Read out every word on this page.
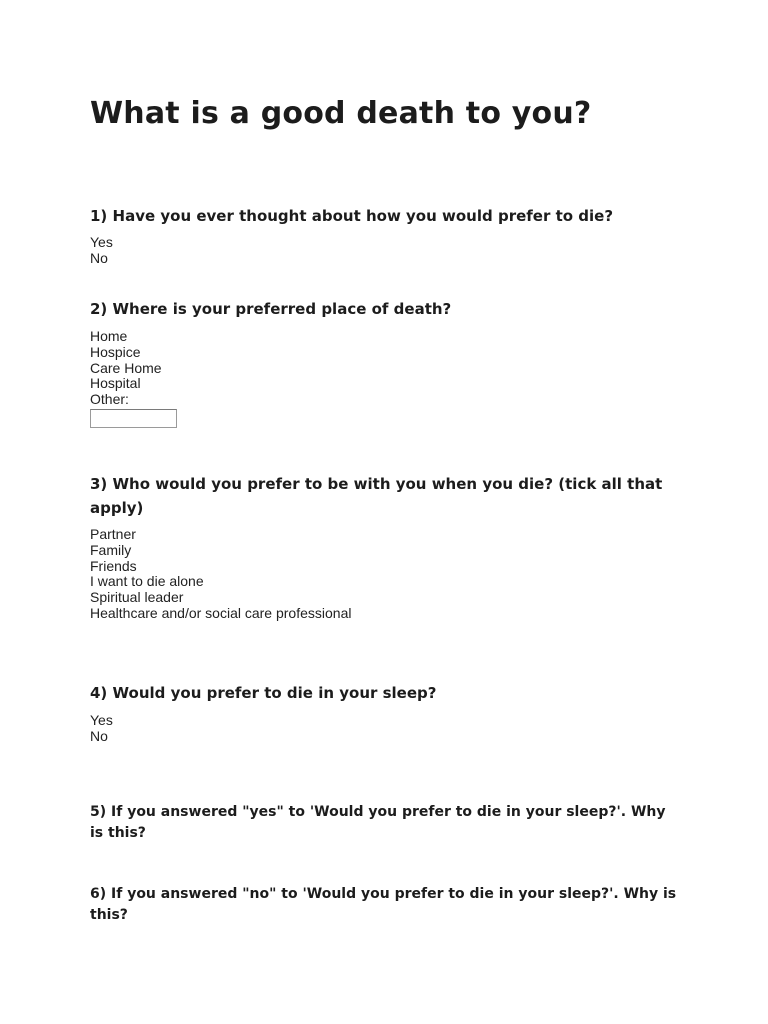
What is a good death to you?

1) Have you ever thought about how you would prefer to die?

Yes
No

2) Where is your preferred place of death?

Home
Hospice
Care Home
Hospital
Other:

3) Who would you prefer to be with you when you die? (tick all that apply)

Partner
Family
Friends
I want to die alone
Spiritual leader
Healthcare and/or social care professional

4) Would you prefer to die in your sleep?

Yes
No

5) If you answered "yes" to 'Would you prefer to die in your sleep?'. Why is this?

6) If you answered "no" to 'Would you prefer to die in your sleep?'. Why is this?
